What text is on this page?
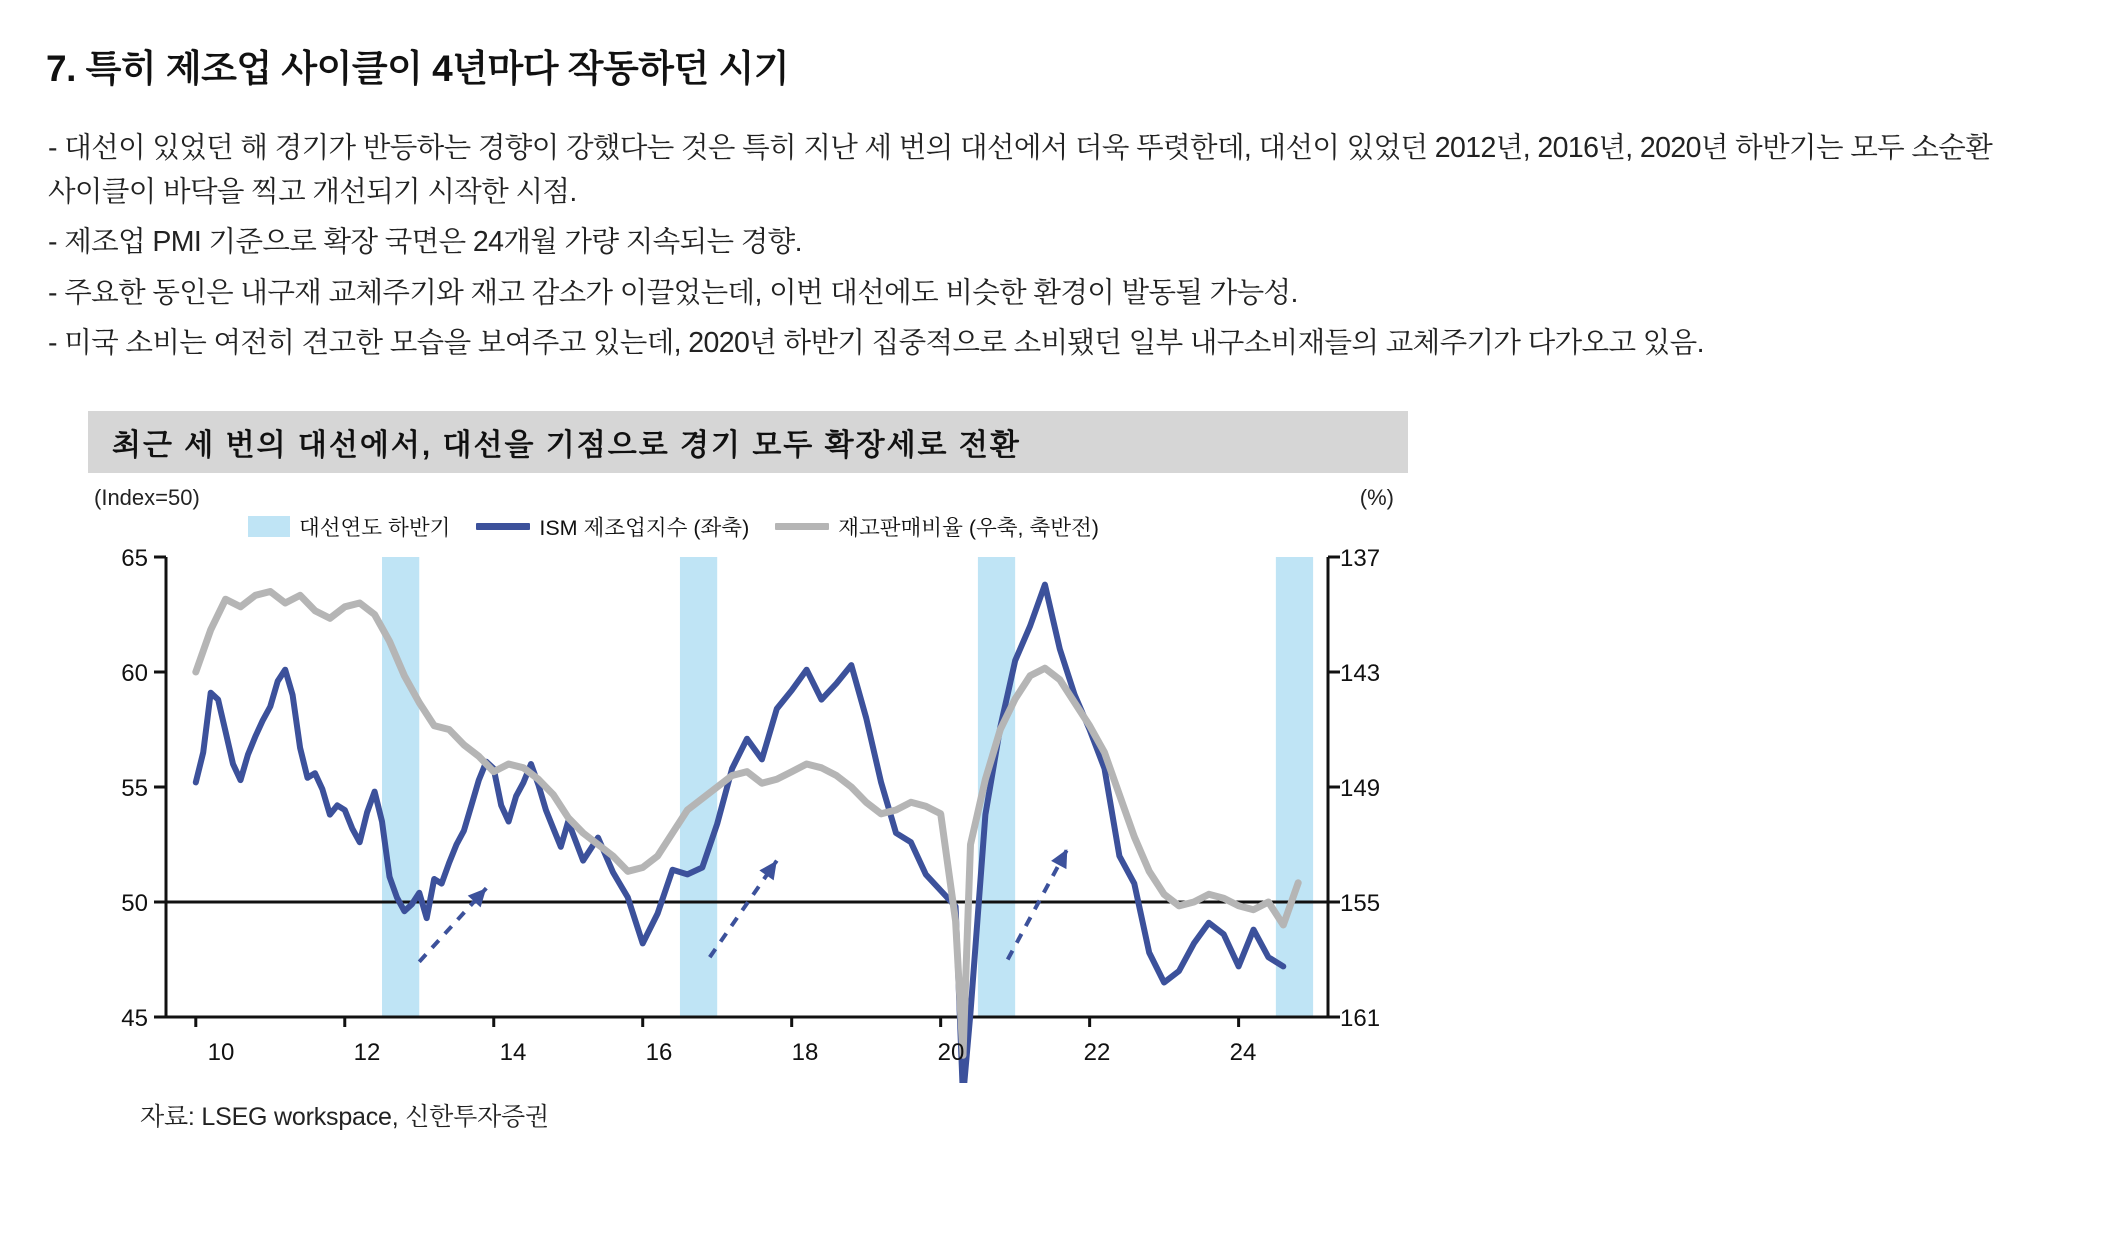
7. 특히 제조업 사이클이 4년마다 작동하던 시기
- 대선이 있었던 해 경기가 반등하는 경향이 강했다는 것은 특히 지난 세 번의 대선에서 더욱 뚜렷한데, 대선이 있었던 2012년, 2016년, 2020년 하반기는 모두 소순환 사이클이 바닥을 찍고 개선되기 시작한 시점.
- 제조업 PMI 기준으로 확장 국면은 24개월 가량 지속되는 경향.
- 주요한 동인은 내구재 교체주기와 재고 감소가 이끌었는데, 이번 대선에도 비슷한 환경이 발동될 가능성.
- 미국 소비는 여전히 견고한 모습을 보여주고 있는데, 2020년 하반기 집중적으로 소비됐던 일부 내구소비재들의 교체주기가 다가오고 있음.
최근 세 번의 대선에서, 대선을 기점으로 경기 모두 확장세로 전환
(Index=50)	(%)
대선연도 하반기	ISM 제조업지수 (좌축)	재고판매비율 (우축, 축반전)
65
60
55
50
45
137
143
149
155
161
10	12	14	16	18	20	22	24
자료: LSEG workspace, 신한투자증권
